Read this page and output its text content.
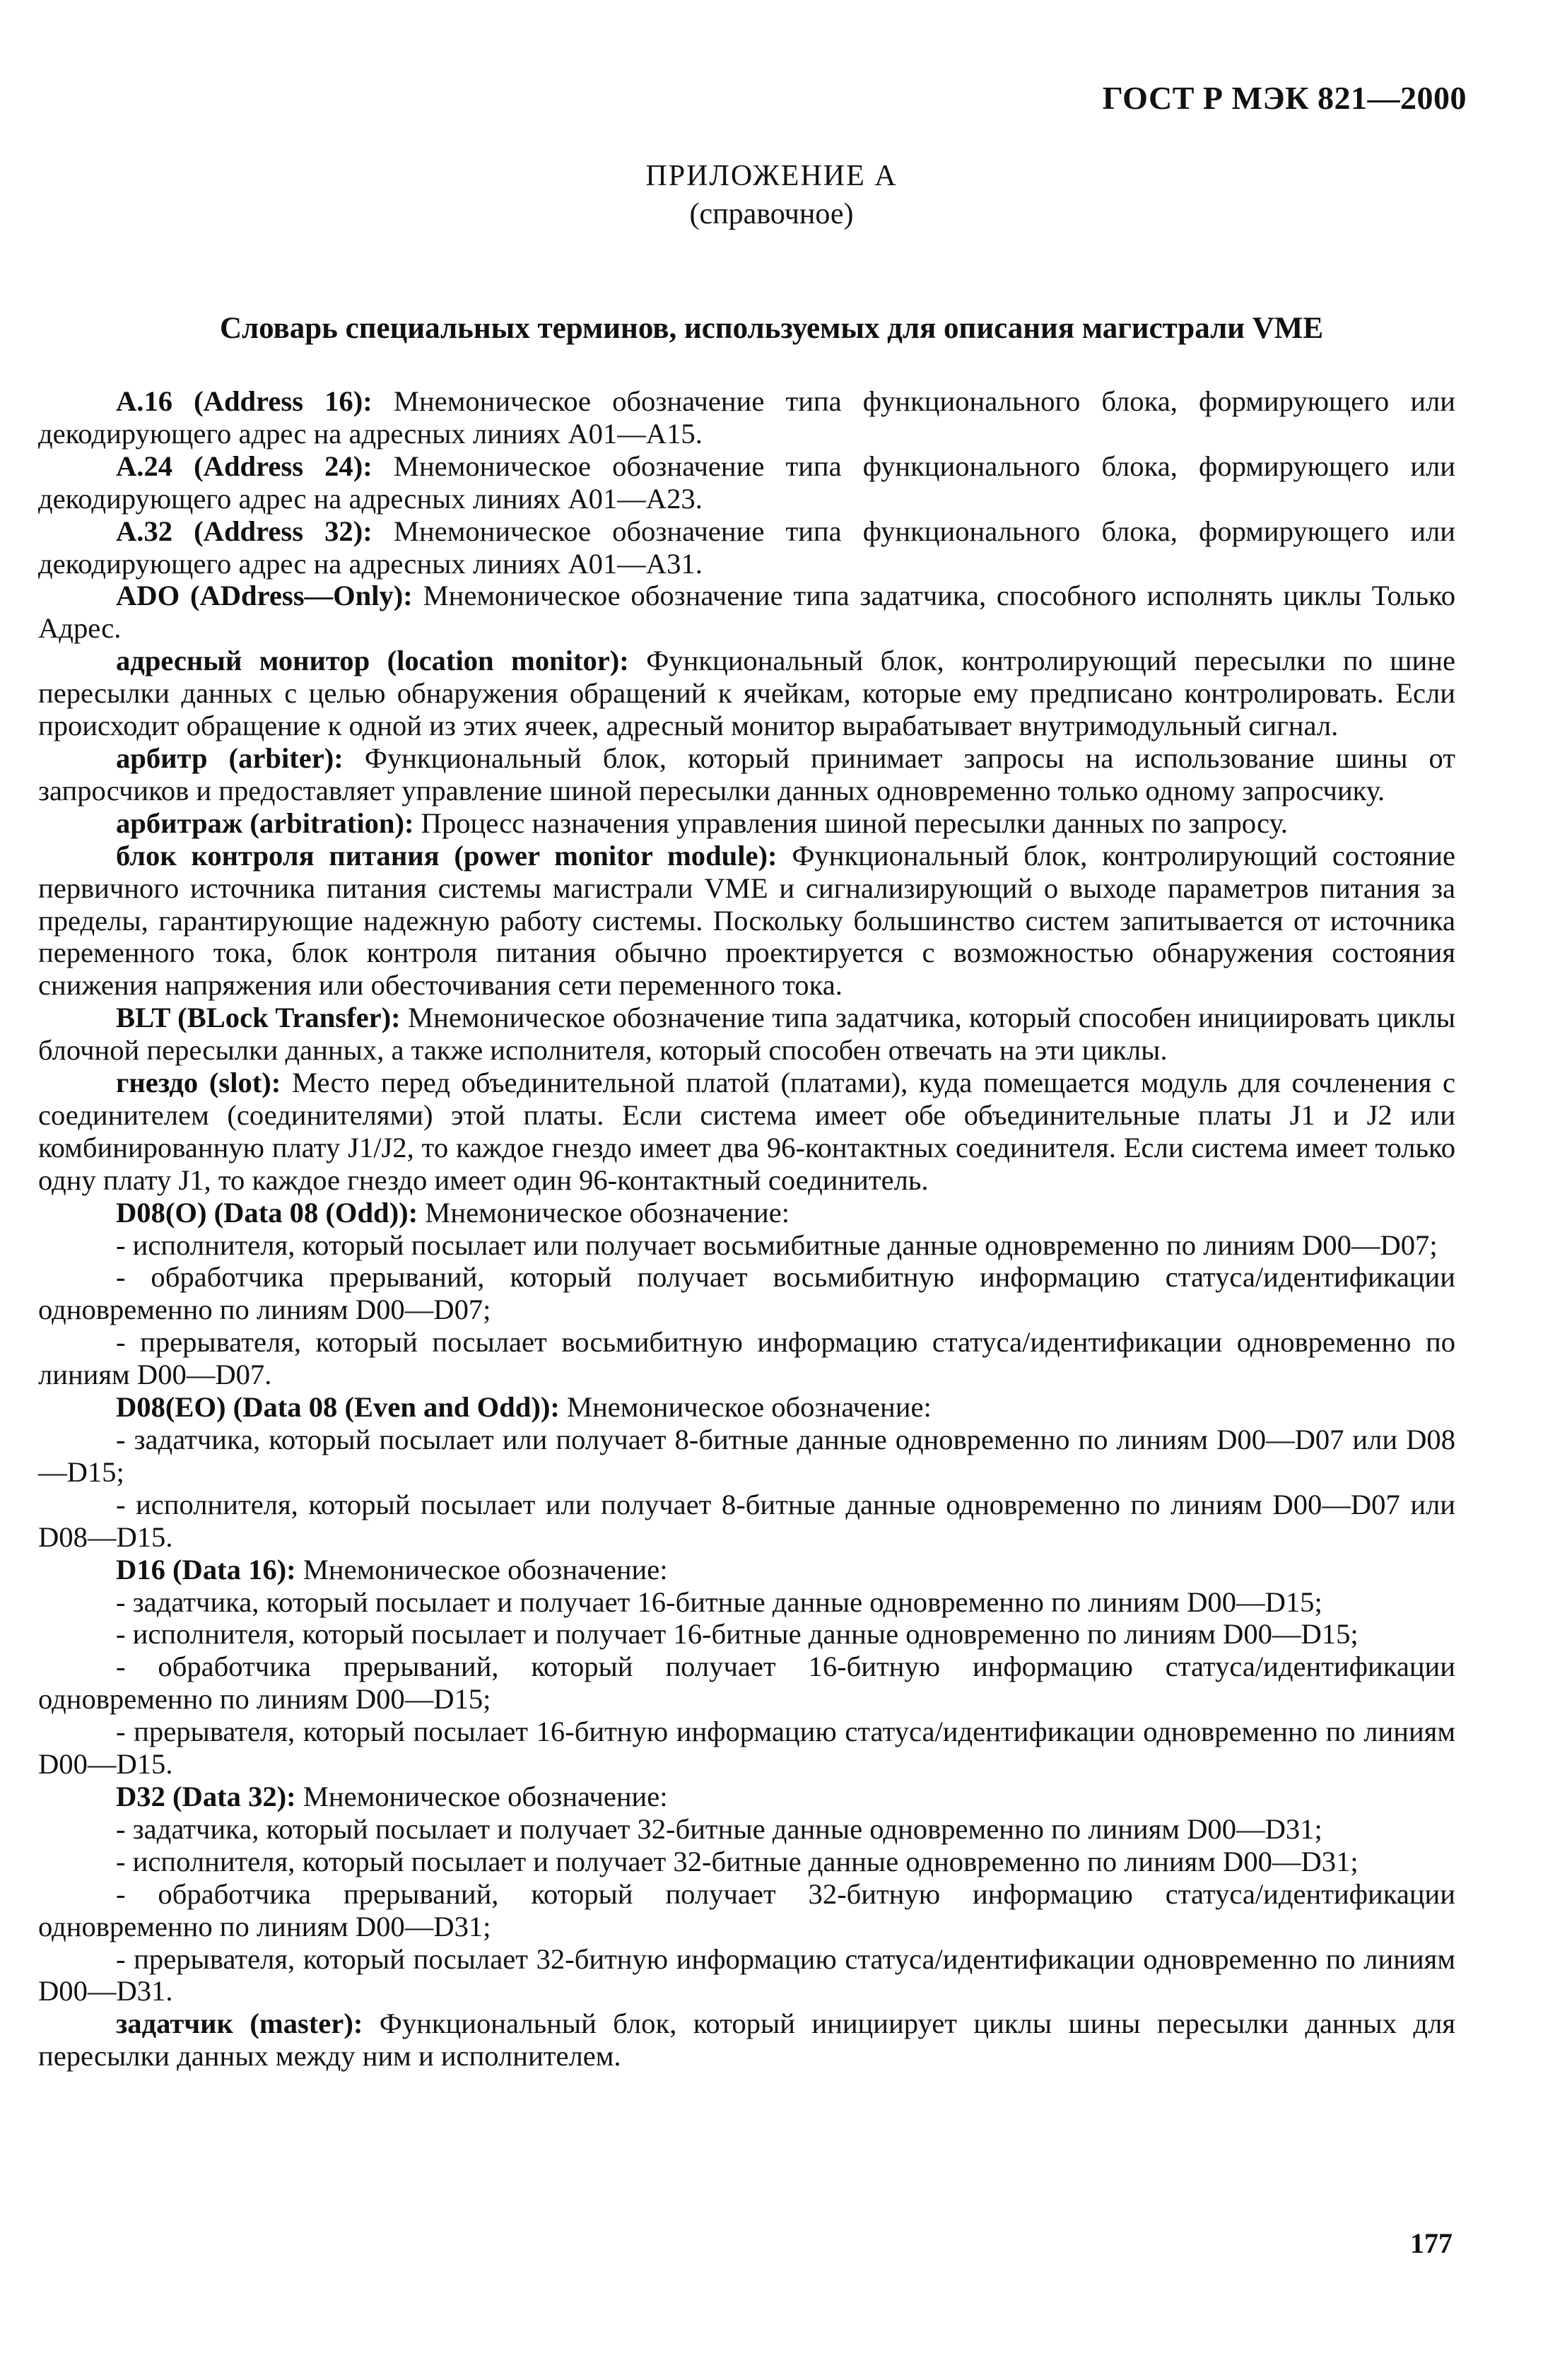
ГОСТ Р МЭК 821—2000
ПРИЛОЖЕНИЕ А
(справочное)
Словарь специальных терминов, используемых для описания магистрали VME

A.16 (Address 16): Мнемоническое обозначение типа функционального блока, формирующего или декодирующего адрес на адресных линиях A01—A15.

A.24 (Address 24): Мнемоническое обозначение типа функционального блока, формирующего или декодирующего адрес на адресных линиях A01—A23.

A.32 (Address 32): Мнемоническое обозначение типа функционального блока, формирующего или декодирующего адрес на адресных линиях A01—A31.

ADO (ADdress—Only): Мнемоническое обозначение типа задатчика, способного исполнять циклы Только Адрес.

адресный монитор (location monitor): Функциональный блок, контролирующий пересылки по шине пересылки данных с целью обнаружения обращений к ячейкам, которые ему предписано контролировать. Если происходит обращение к одной из этих ячеек, адресный монитор вырабатывает внутримодульный сигнал.

арбитр (arbiter): Функциональный блок, который принимает запросы на использование шины от запросчиков и предоставляет управление шиной пересылки данных одновременно только одному запросчику.

арбитраж (arbitration): Процесс назначения управления шиной пересылки данных по запросу.

блок контроля питания (power monitor module): Функциональный блок, контролирующий состояние первичного источника питания системы магистрали VME и сигнализирующий о выходе параметров питания за пределы, гарантирующие надежную работу системы. Поскольку большинство систем запитывается от источника переменного тока, блок контроля питания обычно проектируется с возможностью обнаружения состояния снижения напряжения или обесточивания сети переменного тока.

BLT (BLock Transfer): Мнемоническое обозначение типа задатчика, который способен инициировать циклы блочной пересылки данных, а также исполнителя, который способен отвечать на эти циклы.

гнездо (slot): Место перед объединительной платой (платами), куда помещается модуль для сочленения с соединителем (соединителями) этой платы. Если система имеет обе объединительные платы J1 и J2 или комбинированную плату J1/J2, то каждое гнездо имеет два 96-контактных соединителя. Если система имеет только одну плату J1, то каждое гнездо имеет один 96-контактный соединитель.

D08(O) (Data 08 (Odd)): Мнемоническое обозначение:

- исполнителя, который посылает или получает восьмибитные данные одновременно по линиям D00—D07;

- обработчика прерываний, который получает восьмибитную информацию статуса/идентификации одновременно по линиям D00—D07;

- прерывателя, который посылает восьмибитную информацию статуса/идентификации одновременно по линиям D00—D07.

D08(EO) (Data 08 (Even and Odd)): Мнемоническое обозначение:

- задатчика, который посылает или получает 8-битные данные одновременно по линиям D00—D07 или D08—D15;

- исполнителя, который посылает или получает 8-битные данные одновременно по линиям D00—D07 или D08—D15.

D16 (Data 16): Мнемоническое обозначение:

- задатчика, который посылает и получает 16-битные данные одновременно по линиям D00—D15;

- исполнителя, который посылает и получает 16-битные данные одновременно по линиям D00—D15;

- обработчика прерываний, который получает 16-битную информацию статуса/идентификации одновременно по линиям D00—D15;

- прерывателя, который посылает 16-битную информацию статуса/идентификации одновременно по линиям D00—D15.

D32 (Data 32): Мнемоническое обозначение:

- задатчика, который посылает и получает 32-битные данные одновременно по линиям D00—D31;

- исполнителя, который посылает и получает 32-битные данные одновременно по линиям D00—D31;

- обработчика прерываний, который получает 32-битную информацию статуса/идентификации одновременно по линиям D00—D31;

- прерывателя, который посылает 32-битную информацию статуса/идентификации одновременно по линиям D00—D31.

задатчик (master): Функциональный блок, который инициирует циклы шины пересылки данных для пересылки данных между ним и исполнителем.

177
